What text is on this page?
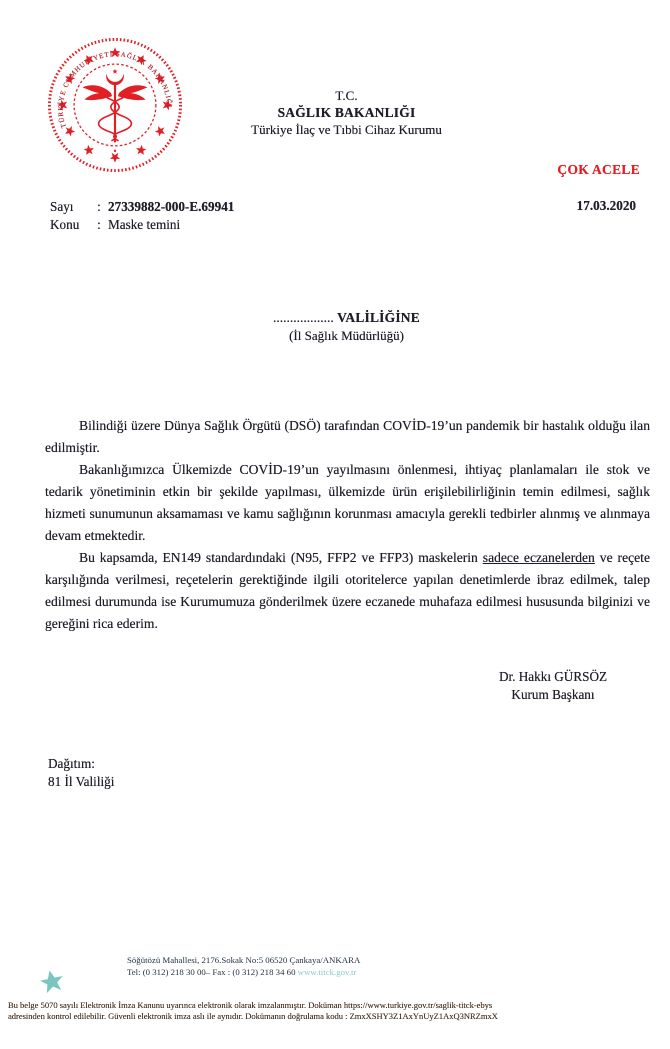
TÜRKİYE CUMHURİYETİ SAĞLIK BAKANLIĞI
T.C.
SAĞLIK BAKANLIĞI
Türkiye İlaç ve Tıbbi Cihaz Kurumu
ÇOK ACELE
Sayı	: 27339882-000-E.69941
Konu	: Maske temini
17.03.2020
.................. VALİLİĞİNE
(İl Sağlık Müdürlüğü)

Bilindiği üzere Dünya Sağlık Örgütü (DSÖ) tarafından COVİD-19’un pandemik bir hastalık olduğu ilan edilmiştir.

Bakanlığımızca Ülkemizde COVİD-19’un yayılmasını önlenmesi, ihtiyaç planlamaları ile stok ve tedarik yönetiminin etkin bir şekilde yapılması, ülkemizde ürün erişilebilirliğinin temin edilmesi, sağlık hizmeti sunumunun aksamaması ve kamu sağlığının korunması amacıyla gerekli tedbirler alınmış ve alınmaya devam etmektedir.

Bu kapsamda, EN149 standardındaki (N95, FFP2 ve FFP3) maskelerin sadece eczanelerden ve reçete karşılığında verilmesi, reçetelerin gerektiğinde ilgili otoritelerce yapılan denetimlerde ibraz edilmek, talep edilmesi durumunda ise Kurumumuza gönderilmek üzere eczanede muhafaza edilmesi hususunda bilginizi ve gereğini rica ederim.

Dr. Hakkı GÜRSÖZ
Kurum Başkanı
Dağıtım:
81 İl Valiliği
Söğütözü Mahallesi, 2176.Sokak No:5 06520 Çankaya/ANKARA
Tel: (0 312) 218 30 00– Fax : (0 312) 218 34 60 www.titck.gov.tr
Bu belge 5070 sayılı Elektronik İmza Kanunu uyarınca elektronik olarak imzalanmıştır. Doküman https://www.turkiye.gov.tr/saglik-titck-ebys
adresinden kontrol edilebilir. Güvenli elektronik imza aslı ile aynıdır. Dokümanın doğrulama kodu : ZmxXSHY3Z1AxYnUyZ1AxQ3NRZmxX
